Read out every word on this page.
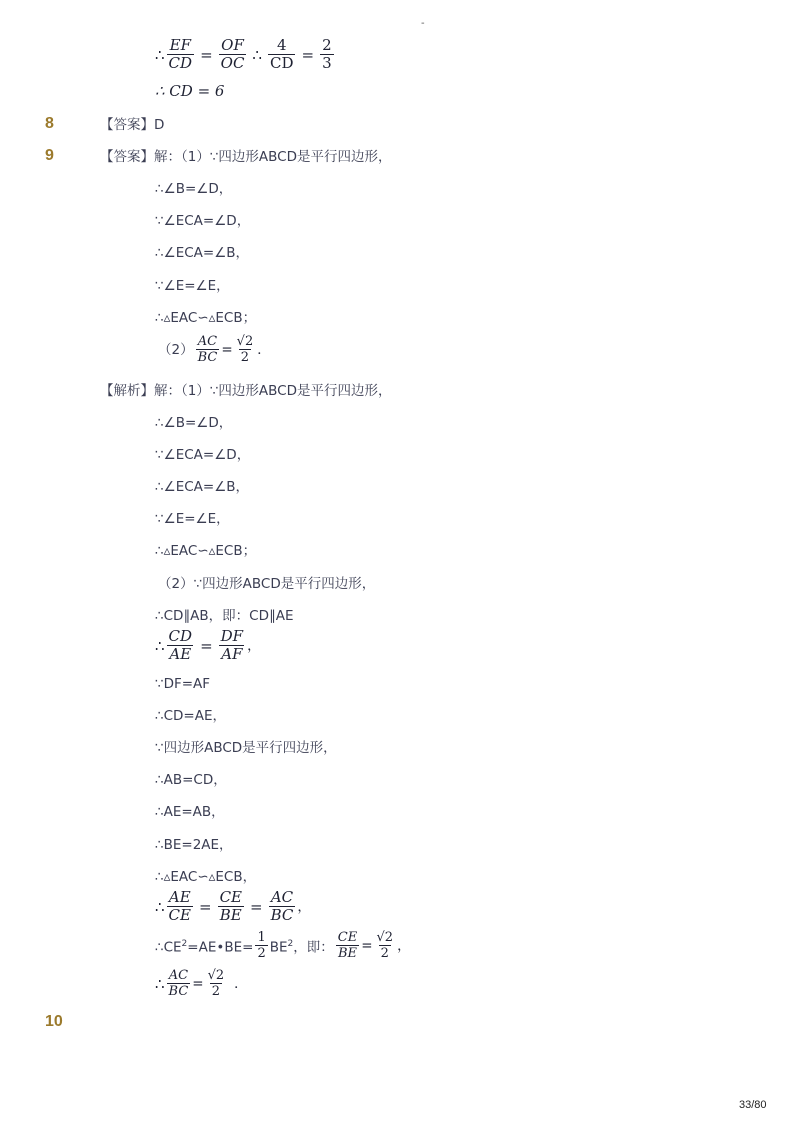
-
∴ $\frac{EF}{CD} = \frac{OF}{OC}$ ∴ $\frac{4}{CD} = \frac{2}{3}$
∴ CD = 6
8	【答案】D
9	【答案】解：（1）∵四边形ABCD是平行四边形，
∴∠B=∠D，
∵∠ECA=∠D，
∴∠ECA=∠B，
∵∠E=∠E，
∴▵EAC∽▵ECB；
$(2) \frac{AC}{BC} = \frac{√2}{2}$ ．
【解析】解：（1）∵四边形ABCD是平行四边形，
∴∠B=∠D，
∵∠ECA=∠D，
∴∠ECA=∠B，
∵∠E=∠E，
∴▵EAC∽▵ECB；
（2）∵四边形ABCD是平行四边形，
∴CD∥AB，即：CD∥AE
∴ $\frac{CD}{AE} = \frac{DF}{AF}$ ，
∵DF=AF
∴CD=AE，
∵四边形ABCD是平行四边形，
∴AB=CD，
∴AE=AB，
∴BE=2AE，
∴▵EAC∽▵ECB，
∴ $\frac{AE}{CE} = \frac{CE}{BE} = \frac{AC}{BC}$ ，
$\therefore CE^2=AE•BE= \frac{1}{2} BE^2$，即： $\frac{CE}{BE} = \frac{√2}{2}$ ，
∴ $\frac{AC}{BC} = \frac{√2}{2}$ ．
10
33/80
